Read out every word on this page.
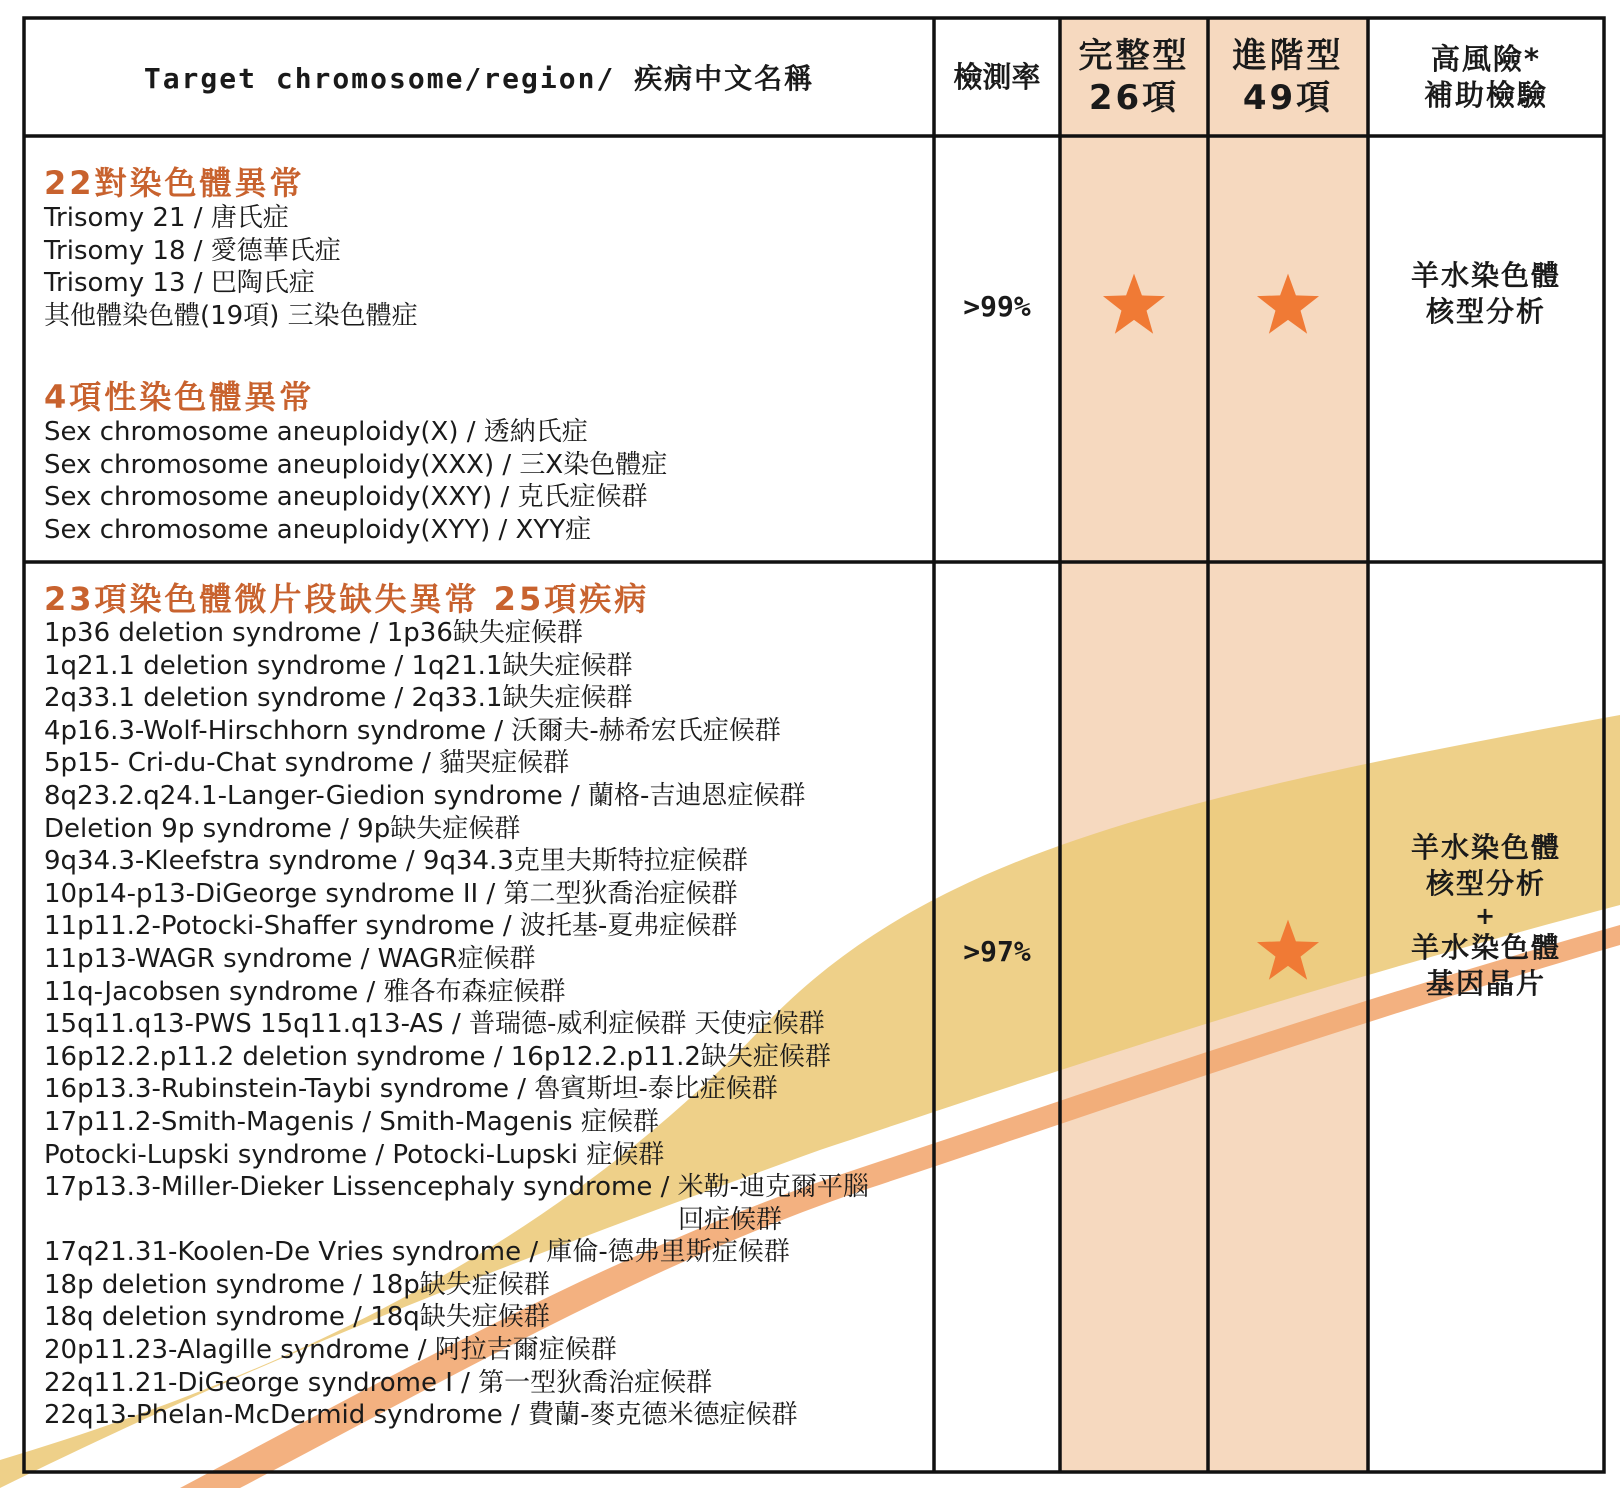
Target chromosome/region/ 疾病中文名稱	檢測率
完整型
26項
進階型
49項
高風險*
補助檢驗
22對染色體異常
Trisomy 21 / 唐氏症
Trisomy 18 / 愛德華氏症
Trisomy 13 / 巴陶氏症
其他體染色體(19項) 三染色體症
4項性染色體異常
Sex chromosome aneuploidy(X) / 透納氏症
Sex chromosome aneuploidy(XXX) / 三X染色體症
Sex chromosome aneuploidy(XXY) / 克氏症候群
Sex chromosome aneuploidy(XYY) / XYY症
>99%
羊水染色體
核型分析
23項染色體微片段缺失異常 25項疾病
1p36 deletion syndrome / 1p36缺失症候群
1q21.1 deletion syndrome / 1q21.1缺失症候群
2q33.1 deletion syndrome / 2q33.1缺失症候群
4p16.3-Wolf-Hirschhorn syndrome / 沃爾夫-赫希宏氏症候群
5p15- Cri-du-Chat syndrome / 貓哭症候群
8q23.2.q24.1-Langer-Giedion syndrome / 蘭格-吉迪恩症候群
Deletion 9p syndrome / 9p缺失症候群
9q34.3-Kleefstra syndrome / 9q34.3克里夫斯特拉症候群
10p14-p13-DiGeorge syndrome II / 第二型狄喬治症候群
11p11.2-Potocki-Shaffer syndrome / 波托基-夏弗症候群
11p13-WAGR syndrome / WAGR症候群
11q-Jacobsen syndrome / 雅各布森症候群
15q11.q13-PWS 15q11.q13-AS / 普瑞德-威利症候群 天使症候群
16p12.2.p11.2 deletion syndrome / 16p12.2.p11.2缺失症候群
16p13.3-Rubinstein-Taybi syndrome / 魯賓斯坦-泰比症候群
17p11.2-Smith-Magenis / Smith-Magenis 症候群
Potocki-Lupski syndrome / Potocki-Lupski 症候群
17p13.3-Miller-Dieker Lissencephaly syndrome / 米勒-迪克爾平腦
回症候群
17q21.31-Koolen-De Vries syndrome / 庫倫-德弗里斯症候群
18p deletion syndrome / 18p缺失症候群
18q deletion syndrome / 18q缺失症候群
20p11.23-Alagille syndrome / 阿拉吉爾症候群
22q11.21-DiGeorge syndrome I / 第一型狄喬治症候群
22q13-Phelan-McDermid syndrome / 費蘭-麥克德米德症候群
>97%
羊水染色體
核型分析
+
羊水染色體
基因晶片
